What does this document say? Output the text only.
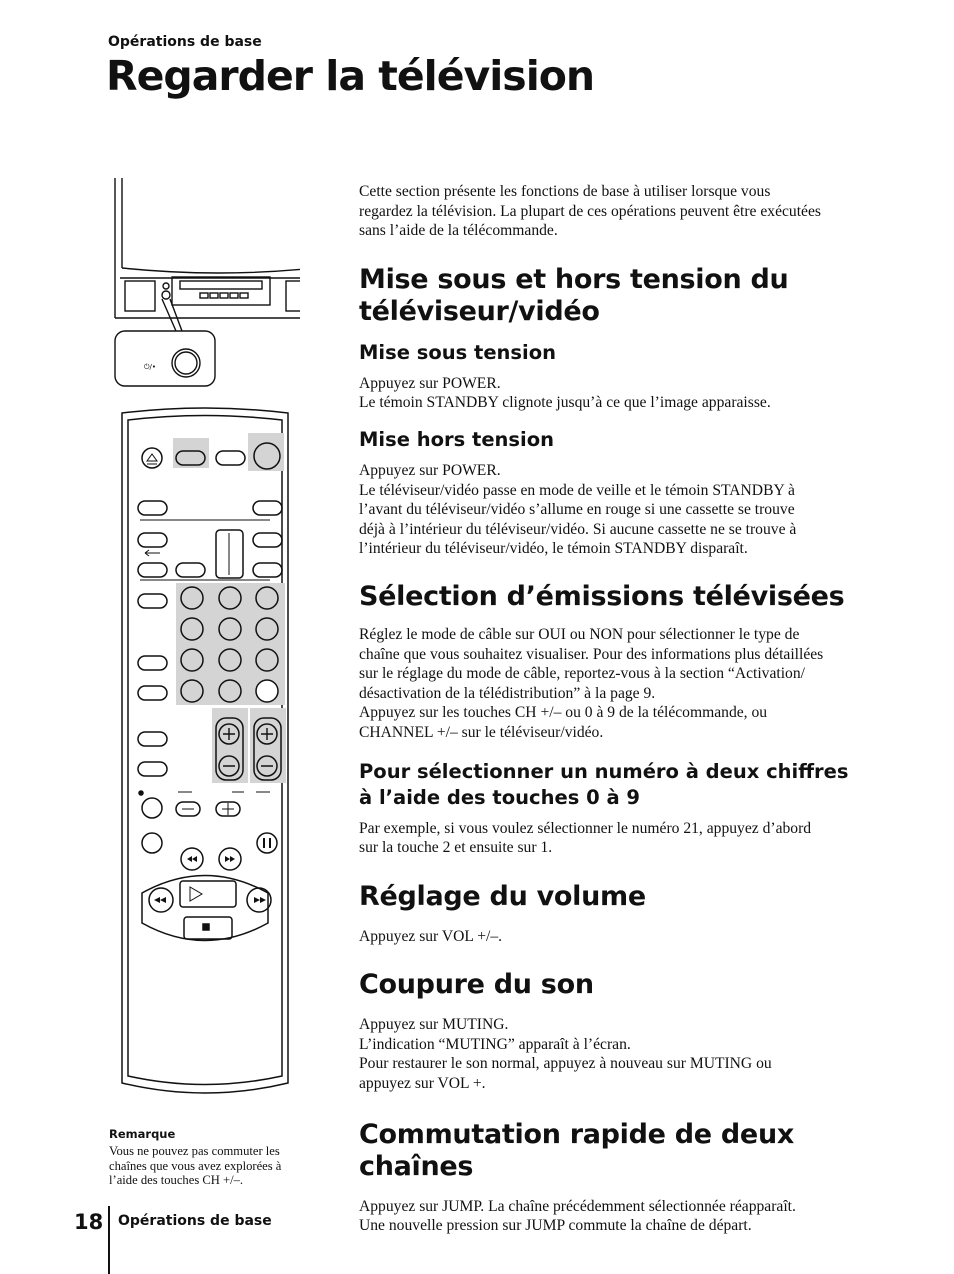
Opérations de base
Regarder la télévision
⏻/•

Cette section présente les fonctions de base à utiliser lorsque vous
regardez la télévision. La plupart de ces opérations peuvent être exécutées
sans l’aide de la télécommande.

Mise sous et hors tension du
téléviseur/vidéo
Mise sous tension

Appuyez sur POWER.
Le témoin STANDBY clignote jusqu’à ce que l’image apparaisse.

Mise hors tension

Appuyez sur POWER.
Le téléviseur/vidéo passe en mode de veille et le témoin STANDBY à
l’avant du téléviseur/vidéo s’allume en rouge si une cassette se trouve
déjà à l’intérieur du téléviseur/vidéo. Si aucune cassette ne se trouve à
l’intérieur du téléviseur/vidéo, le témoin STANDBY disparaît.

Sélection d’émissions télévisées

Réglez le mode de câble sur OUI ou NON pour sélectionner le type de
chaîne que vous souhaitez visualiser. Pour des informations plus détaillées
sur le réglage du mode de câble, reportez-vous à la section “Activation/
désactivation de la télédistribution” à la page 9.
Appuyez sur les touches CH +/– ou 0 à 9 de la télécommande, ou
CHANNEL +/– sur le téléviseur/vidéo.

Pour sélectionner un numéro à deux chiffres
à l’aide des touches 0 à 9

Par exemple, si vous voulez sélectionner le numéro 21, appuyez d’abord
sur la touche 2 et ensuite sur 1.

Réglage du volume

Appuyez sur VOL +/–.

Coupure du son

Appuyez sur MUTING.
L’indication “MUTING” apparaît à l’écran.
Pour restaurer le son normal, appuyez à nouveau sur MUTING ou
appuyez sur VOL +.

Commutation rapide de deux
chaînes

Appuyez sur JUMP. La chaîne précédemment sélectionnée réapparaît.
Une nouvelle pression sur JUMP commute la chaîne de départ.

Remarque

Vous ne pouvez pas commuter les
chaînes que vous avez explorées à
l’aide des touches CH +/–.

18 Opérations de base
